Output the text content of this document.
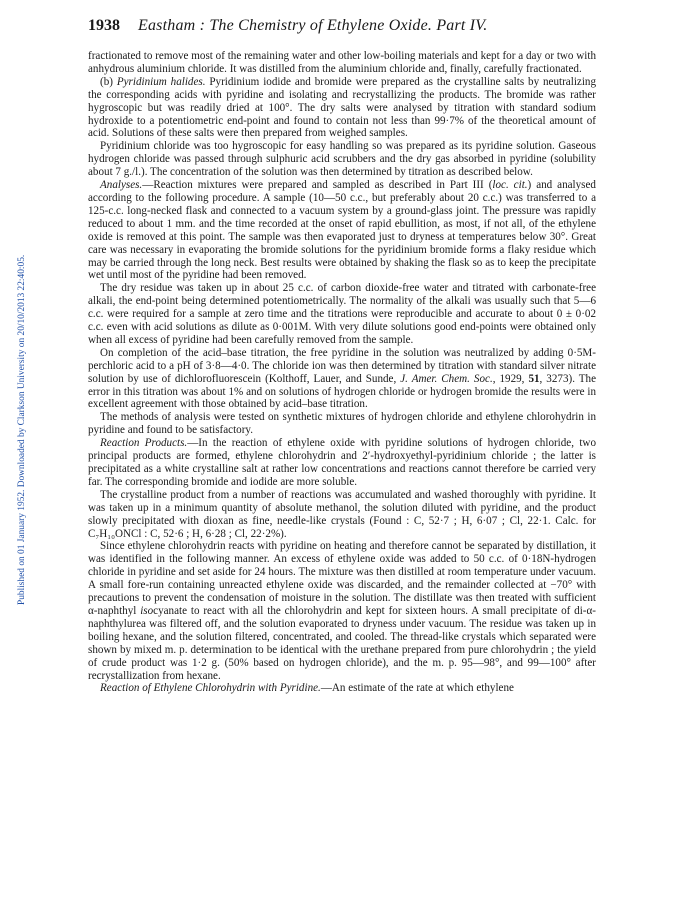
Published on 01 January 1952. Downloaded by Clarkson University on 20/10/2013 22:40:05.
1938 Eastham : The Chemistry of Ethylene Oxide. Part IV.

fractionated to remove most of the remaining water and other low-boiling materials and kept for a day or two with anhydrous aluminium chloride. It was distilled from the aluminium chloride and, finally, carefully fractionated.

(b) Pyridinium halides. Pyridinium iodide and bromide were prepared as the crystalline salts by neutralizing the corresponding acids with pyridine and isolating and recrystallizing the products. The bromide was rather hygroscopic but was readily dried at 100°. The dry salts were analysed by titration with standard sodium hydroxide to a potentiometric end-point and found to contain not less than 99·7% of the theoretical amount of acid. Solutions of these salts were then prepared from weighed samples.

Pyridinium chloride was too hygroscopic for easy handling so was prepared as its pyridine solution. Gaseous hydrogen chloride was passed through sulphuric acid scrubbers and the dry gas absorbed in pyridine (solubility about 7 g./l.). The concentration of the solution was then determined by titration as described below.

Analyses.—Reaction mixtures were prepared and sampled as described in Part III (loc. cit.) and analysed according to the following procedure. A sample (10—50 c.c., but preferably about 20 c.c.) was transferred to a 125-c.c. long-necked flask and connected to a vacuum system by a ground-glass joint. The pressure was rapidly reduced to about 1 mm. and the time recorded at the onset of rapid ebullition, as most, if not all, of the ethylene oxide is removed at this point. The sample was then evaporated just to dryness at temperatures below 30°. Great care was necessary in evaporating the bromide solutions for the pyridinium bromide forms a flaky residue which may be carried through the long neck. Best results were obtained by shaking the flask so as to keep the precipitate wet until most of the pyridine had been removed.

The dry residue was taken up in about 25 c.c. of carbon dioxide-free water and titrated with carbonate-free alkali, the end-point being determined potentiometrically. The normality of the alkali was usually such that 5—6 c.c. were required for a sample at zero time and the titrations were reproducible and accurate to about 0 ± 0·02 c.c. even with acid solutions as dilute as 0·001M. With very dilute solutions good end-points were obtained only when all excess of pyridine had been carefully removed from the sample.

On completion of the acid–base titration, the free pyridine in the solution was neutralized by adding 0·5M-perchloric acid to a pH of 3·8—4·0. The chloride ion was then determined by titration with standard silver nitrate solution by use of dichlorofluorescein (Kolthoff, Lauer, and Sunde, J. Amer. Chem. Soc., 1929, 51, 3273). The error in this titration was about 1% and on solutions of hydrogen chloride or hydrogen bromide the results were in excellent agreement with those obtained by acid–base titration.

The methods of analysis were tested on synthetic mixtures of hydrogen chloride and ethylene chlorohydrin in pyridine and found to be satisfactory.

Reaction Products.—In the reaction of ethylene oxide with pyridine solutions of hydrogen chloride, two principal products are formed, ethylene chlorohydrin and 2′-hydroxyethyl-pyridinium chloride ; the latter is precipitated as a white crystalline salt at rather low concentrations and reactions cannot therefore be carried very far. The corresponding bromide and iodide are more soluble.

The crystalline product from a number of reactions was accumulated and washed thoroughly with pyridine. It was taken up in a minimum quantity of absolute methanol, the solution diluted with pyridine, and the product slowly precipitated with dioxan as fine, needle-like crystals (Found : C, 52·7 ; H, 6·07 ; Cl, 22·1. Calc. for C₇H₁₀ONCl : C, 52·6 ; H, 6·28 ; Cl, 22·2%).

Since ethylene chlorohydrin reacts with pyridine on heating and therefore cannot be separated by distillation, it was identified in the following manner. An excess of ethylene oxide was added to 50 c.c. of 0·18N-hydrogen chloride in pyridine and set aside for 24 hours. The mixture was then distilled at room temperature under vacuum. A small fore-run containing unreacted ethylene oxide was discarded, and the remainder collected at −70° with precautions to prevent the condensation of moisture in the solution. The distillate was then treated with sufficient α-naphthyl isocyanate to react with all the chlorohydrin and kept for sixteen hours. A small precipitate of di-α-naphthylurea was filtered off, and the solution evaporated to dryness under vacuum. The residue was taken up in boiling hexane, and the solution filtered, concentrated, and cooled. The thread-like crystals which separated were shown by mixed m. p. determination to be identical with the urethane prepared from pure chlorohydrin ; the yield of crude product was 1·2 g. (50% based on hydrogen chloride), and the m. p. 95—98°, and 99—100° after recrystallization from hexane.

Reaction of Ethylene Chlorohydrin with Pyridine.—An estimate of the rate at which ethylene
